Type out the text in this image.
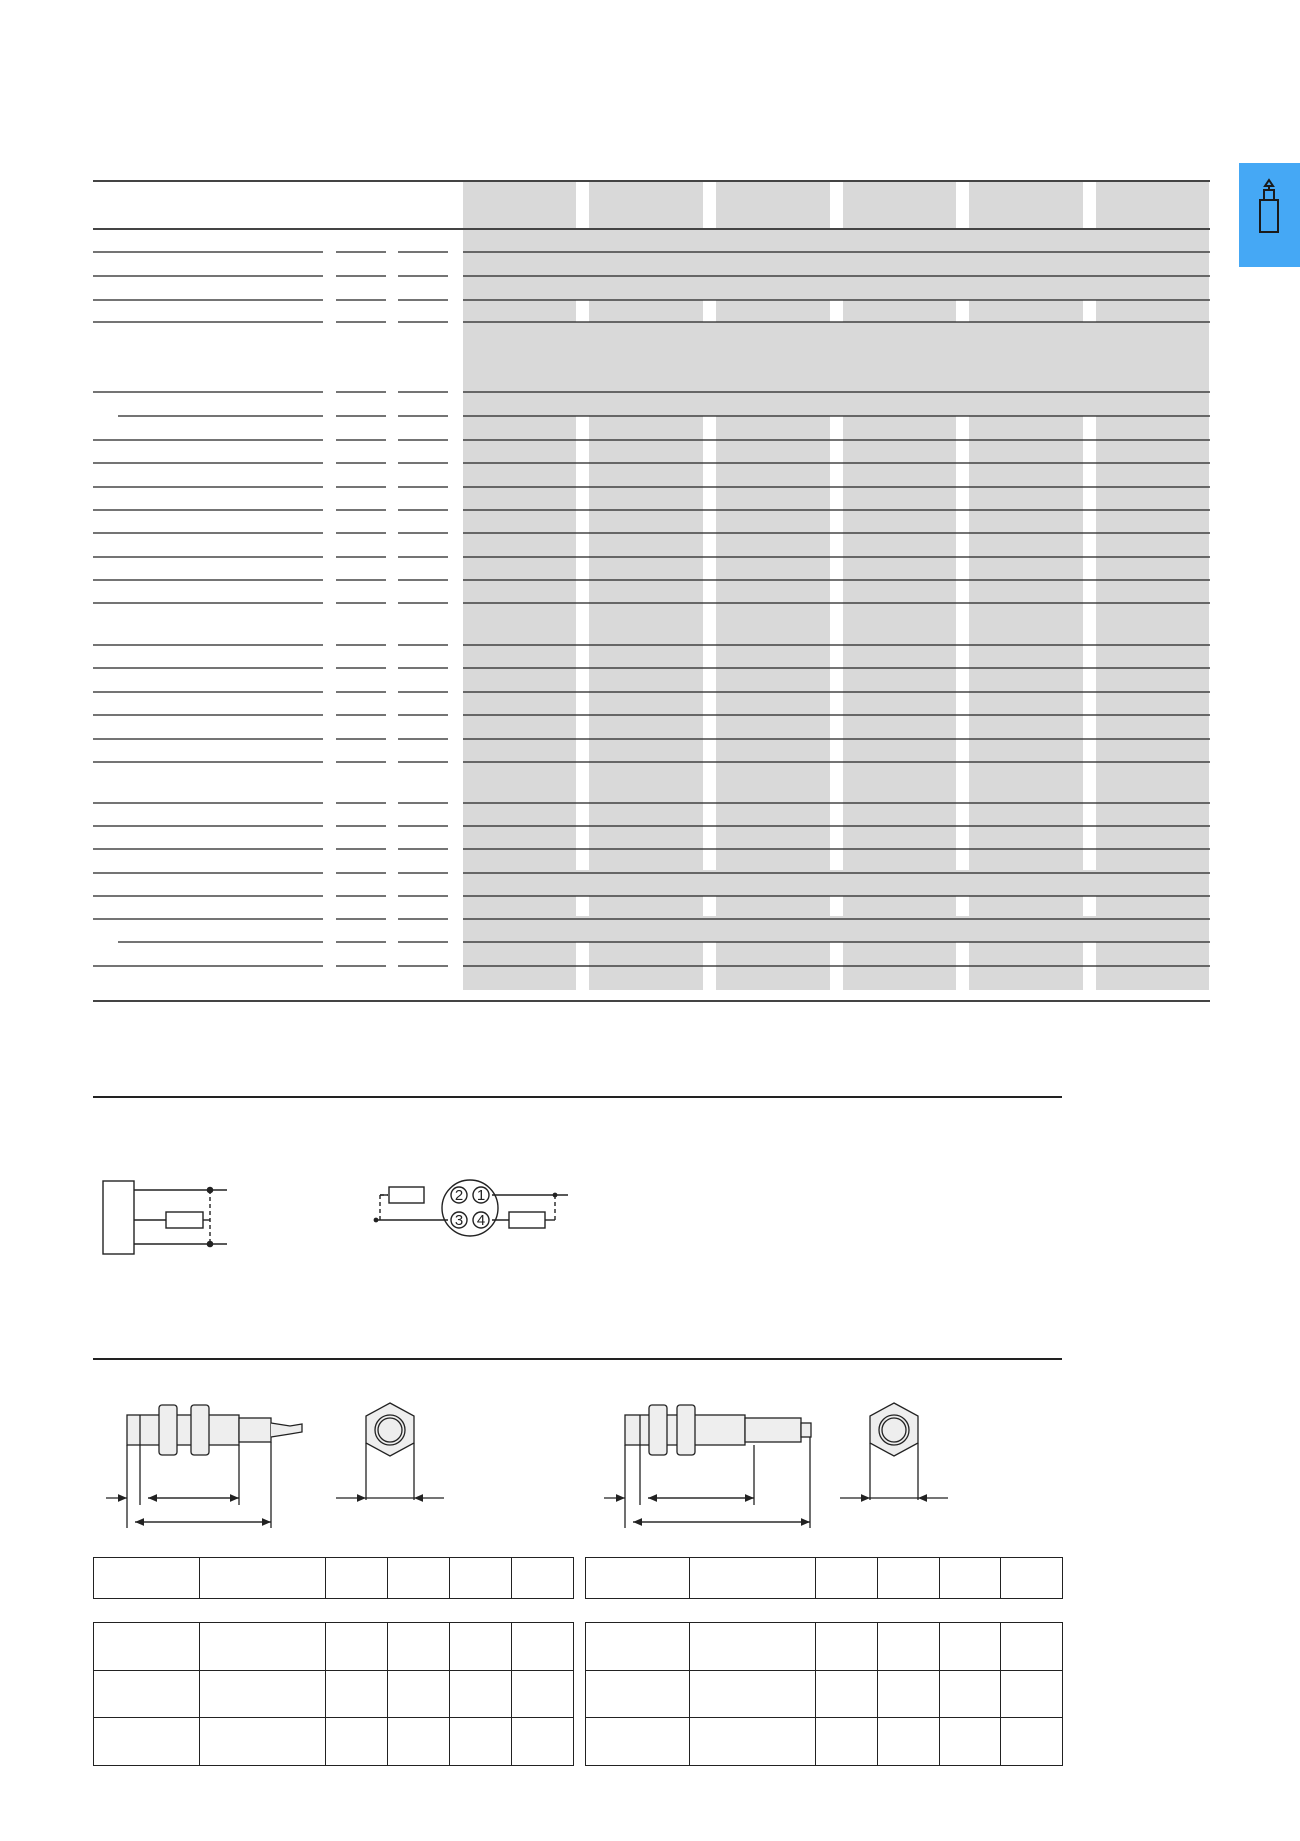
2 1
3 4
